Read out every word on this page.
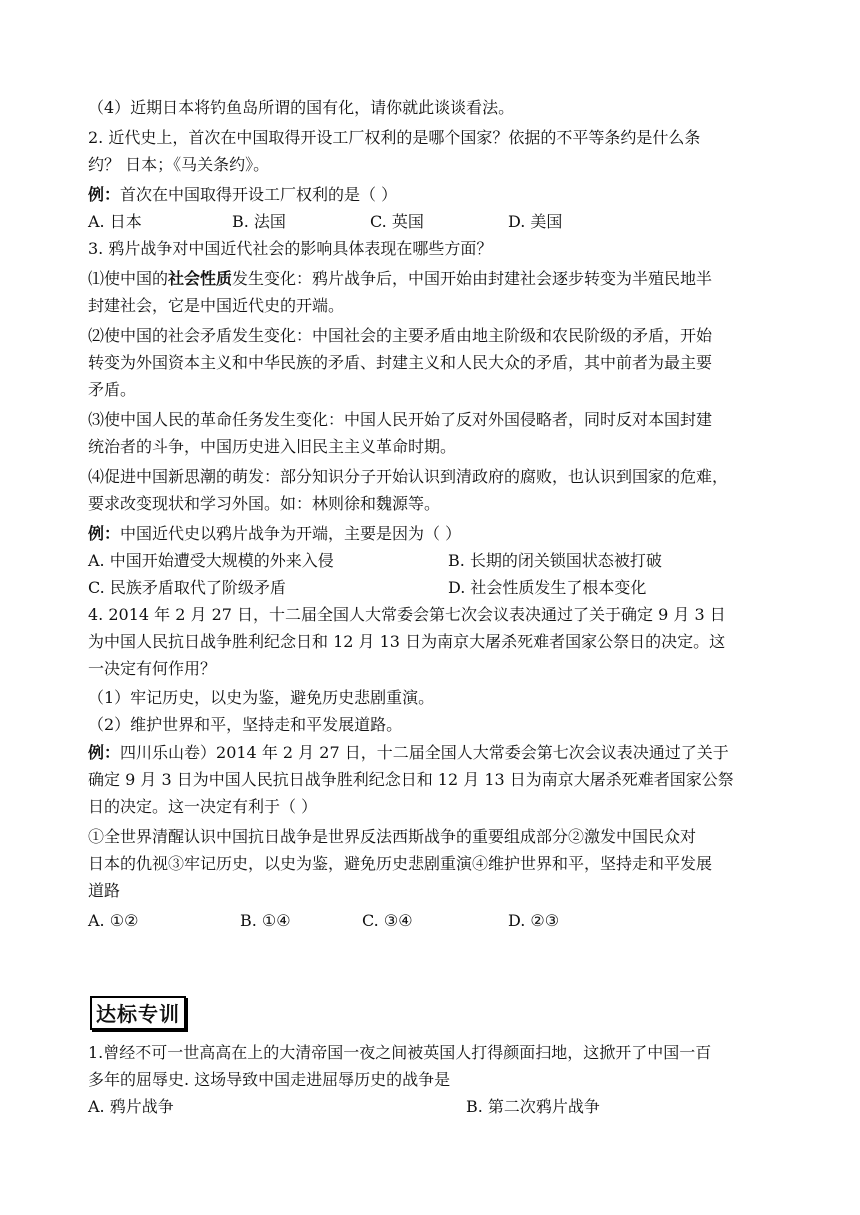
（4）近期日本将钓鱼岛所谓的国有化，请你就此谈谈看法。
2. 近代史上，首次在中国取得开设工厂权利的是哪个国家？依据的不平等条约是什么条
约？ 日本；《马关条约》。
例：首次在中国取得开设工厂权利的是（ ）
A. 日本	B. 法国	C. 英国	D. 美国
3. 鸦片战争对中国近代社会的影响具体表现在哪些方面？
⑴使中国的社会性质发生变化：鸦片战争后，中国开始由封建社会逐步转变为半殖民地半
封建社会，它是中国近代史的开端。
⑵使中国的社会矛盾发生变化：中国社会的主要矛盾由地主阶级和农民阶级的矛盾，开始
转变为外国资本主义和中华民族的矛盾、封建主义和人民大众的矛盾，其中前者为最主要
矛盾。
⑶使中国人民的革命任务发生变化：中国人民开始了反对外国侵略者，同时反对本国封建
统治者的斗争，中国历史进入旧民主主义革命时期。
⑷促进中国新思潮的萌发：部分知识分子开始认识到清政府的腐败，也认识到国家的危难，
要求改变现状和学习外国。如：林则徐和魏源等。
例：中国近代史以鸦片战争为开端，主要是因为（ ）
A. 中国开始遭受大规模的外来入侵	B. 长期的闭关锁国状态被打破
C. 民族矛盾取代了阶级矛盾	D. 社会性质发生了根本变化
4. 2014 年 2 月 27 日，十二届全国人大常委会第七次会议表决通过了关于确定 9 月 3 日
为中国人民抗日战争胜利纪念日和 12 月 13 日为南京大屠杀死难者国家公祭日的决定。这
一决定有何作用？
（1）牢记历史，以史为鉴，避免历史悲剧重演。
（2）维护世界和平，坚持走和平发展道路。
例：四川乐山卷）2014 年 2 月 27 日，十二届全国人大常委会第七次会议表决通过了关于
确定 9 月 3 日为中国人民抗日战争胜利纪念日和 12 月 13 日为南京大屠杀死难者国家公祭
日的决定。这一决定有利于（ ）
①全世界清醒认识中国抗日战争是世界反法西斯战争的重要组成部分②激发中国民众对
日本的仇视③牢记历史，以史为鉴，避免历史悲剧重演④维护世界和平，坚持走和平发展
道路
A. ①②	B. ①④	C. ③④	D. ②③
达标专训
1.曾经不可一世高高在上的大清帝国一夜之间被英国人打得颜面扫地，这掀开了中国一百
多年的屈辱史. 这场导致中国走进屈辱历史的战争是
A. 鸦片战争	B. 第二次鸦片战争
